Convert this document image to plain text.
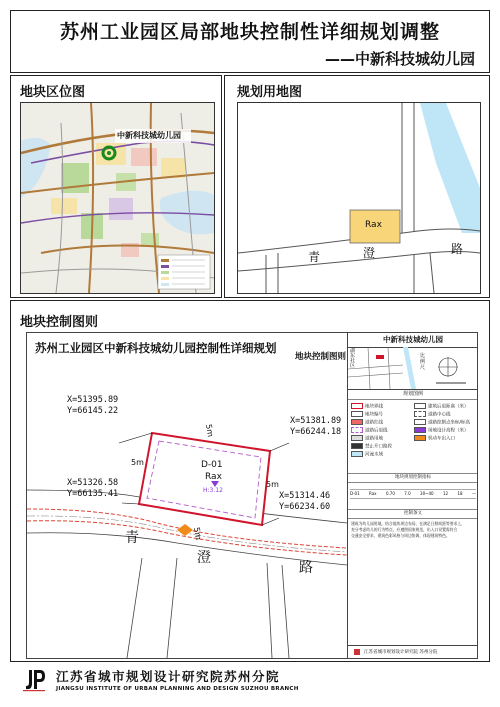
苏州工业园区局部地块控制性详细规划调整
——中新科技城幼儿园
地块区位图
中新科技城幼儿园
规划用地图
Rax
青	澄	路
地块控制图则
苏州工业园区中新科技城幼儿园控制性详细规划
地块控制图则
X=51395.89
Y=66145.22
X=51381.89
Y=66244.18
X=51326.58
Y=66135.41	X=51314.46
Y=66234.60
5m
5m
5m
5m
D-01
Rax
H:3.12
青
澄
路
中新科技城幼儿园
湖
东
社
区
比
例
尺
规划图例
地块界线
地块编号
道路红线
道路后退线
道路用地
禁止开口路段
河流水域
建筑后退距离（米）
道路中心线
道路控制点坐标/标高
场地设计高程（米）
机动车出入口
地块规划控制指标
D-01 Rax 0.70 7.0 30~40 12 18 —
控制条文
建筑为幼儿园用地，结合地块周边布局，在满足日照间距等要求上，
充分考虑幼儿的行为特点，应遵照国家规范，出入口设置需符合
交通安全要求，建筑色彩风格与周边协调，体现建筑特色。
江苏省城市规划设计研究院 苏州分院
江苏省城市规划设计研究院苏州分院
JIANGSU INSTITUTE OF URBAN PLANNING AND DESIGN SUZHOU BRANCH
